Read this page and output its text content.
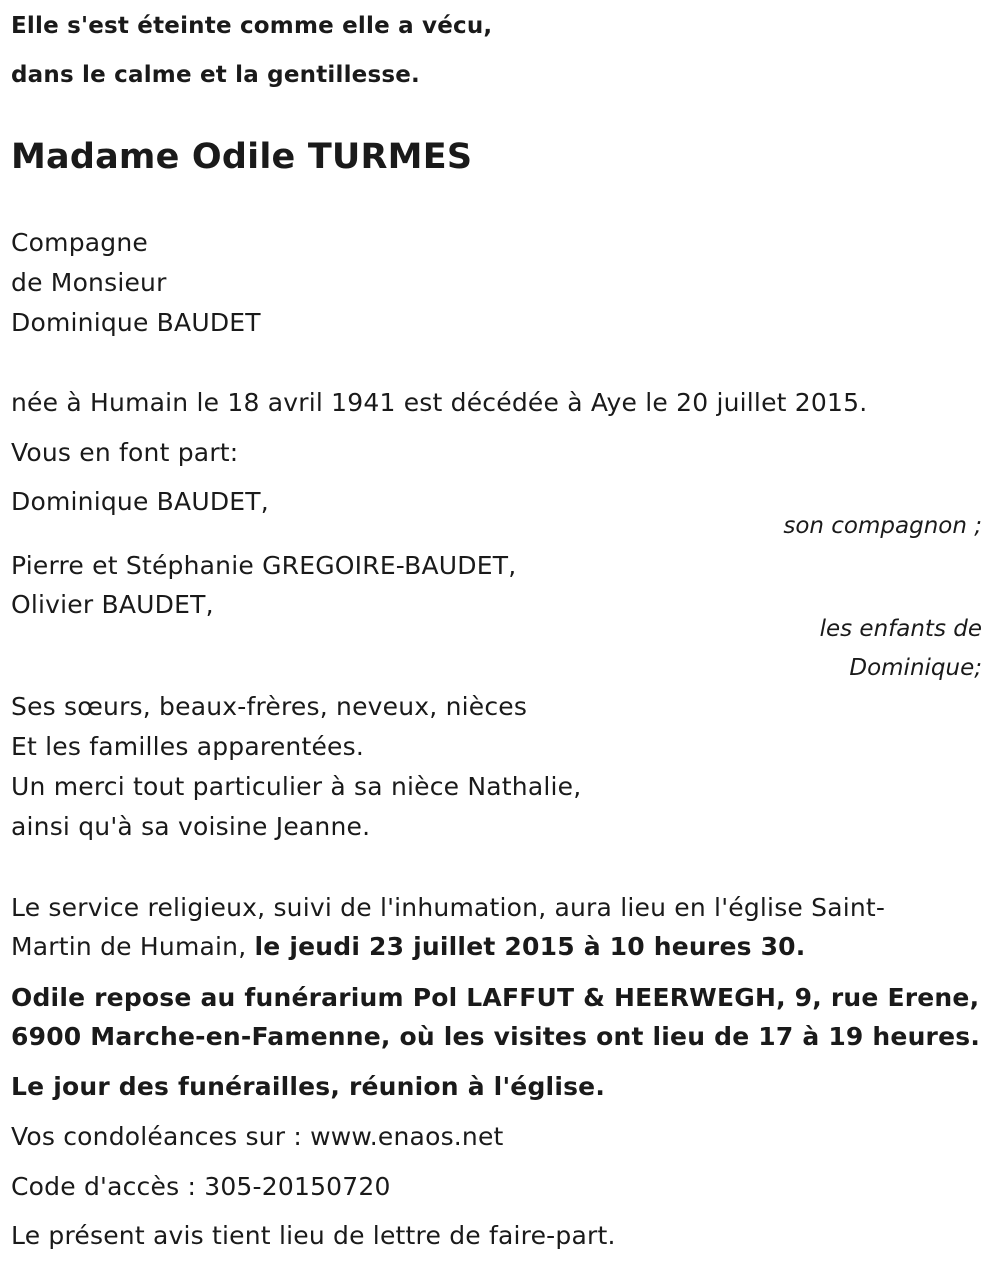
Elle s'est éteinte comme elle a vécu,
dans le calme et la gentillesse.
Madame Odile TURMES
Compagne
de Monsieur
Dominique BAUDET
née à Humain le 18 avril 1941 est décédée à Aye le 20 juillet 2015.
Vous en font part:
Dominique BAUDET,
son compagnon ;
Pierre et Stéphanie GREGOIRE-BAUDET,
Olivier BAUDET,
les enfants de
Dominique;
Ses sœurs, beaux-frères, neveux, nièces
Et les familles apparentées.
Un merci tout particulier à sa nièce Nathalie,
ainsi qu'à sa voisine Jeanne.
Le service religieux, suivi de l'inhumation, aura lieu en l'église Saint-
Martin de Humain, le jeudi 23 juillet 2015 à 10 heures 30.
Odile repose au funérarium Pol LAFFUT & HEERWEGH, 9, rue Erene,
6900 Marche-en-Famenne, où les visites ont lieu de 17 à 19 heures.
Le jour des funérailles, réunion à l'église.
Vos condoléances sur : www.enaos.net
Code d'accès : 305-20150720
Le présent avis tient lieu de lettre de faire-part.
